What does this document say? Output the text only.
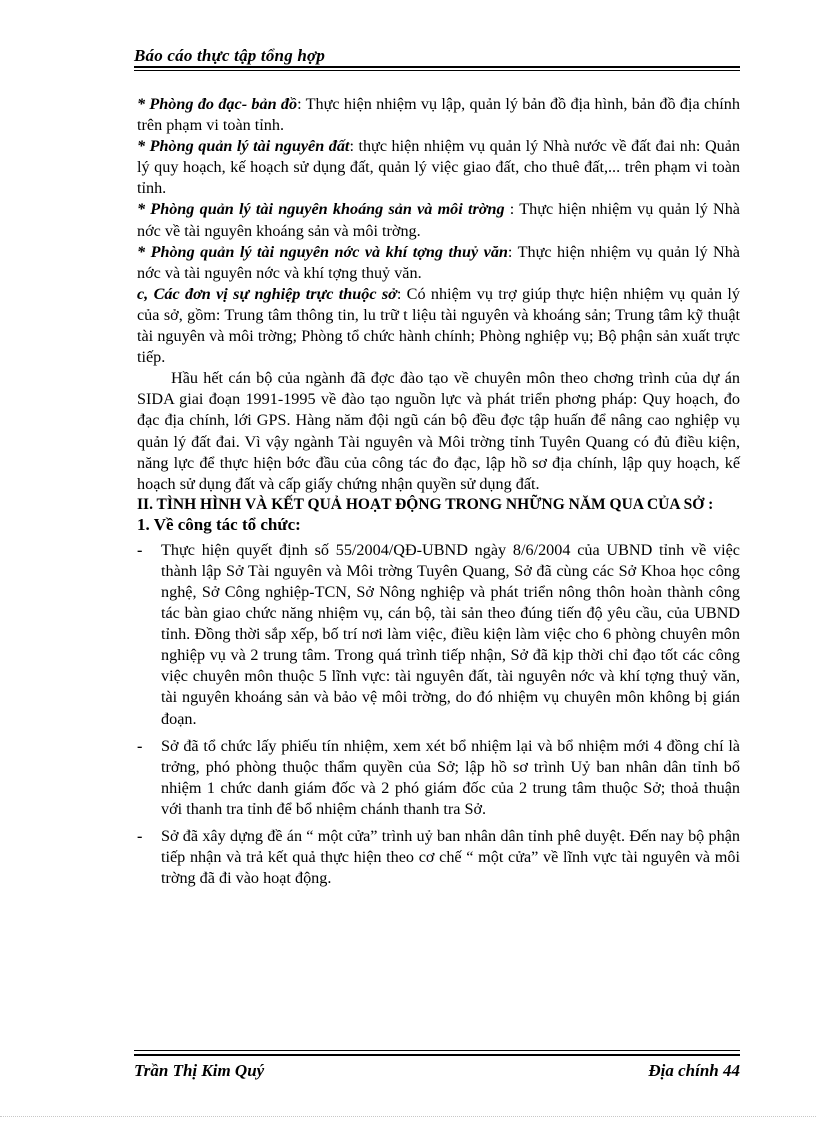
Báo cáo thực tập tổng hợp

* Phòng đo đạc- bản đồ: Thực hiện nhiệm vụ lập, quản lý bản đồ địa hình, bản đồ địa chính trên phạm vi toàn tỉnh.

* Phòng quản lý tài nguyên đất: thực hiện nhiệm vụ quản lý Nhà nước về đất đai nh: Quản lý quy hoạch, kế hoạch sử dụng đất, quản lý việc giao đất, cho thuê đất,... trên phạm vi toàn tỉnh.

* Phòng quản lý tài nguyên khoáng sản và môi trờng : Thực hiện nhiệm vụ quản lý Nhà nớc về tài nguyên khoáng sản và môi trờng.

* Phòng quản lý tài nguyên nớc và khí tợng thuỷ văn: Thực hiện nhiệm vụ quản lý Nhà nớc và tài nguyên nớc và khí tợng thuỷ văn.

c, Các đơn vị sự nghiệp trực thuộc sở: Có nhiệm vụ trợ giúp thực hiện nhiệm vụ quản lý của sở, gồm: Trung tâm thông tin, lu trữ t liệu tài nguyên và khoáng sản; Trung tâm kỹ thuật tài nguyên và môi trờng; Phòng tổ chức hành chính; Phòng nghiệp vụ; Bộ phận sản xuất trực tiếp.

Hầu hết cán bộ của ngành đã đợc đào tạo về chuyên môn theo chơng trình của dự án SIDA giai đoạn 1991-1995 về đào tạo nguồn lực và phát triển phơng pháp: Quy hoạch, đo đạc địa chính, lới GPS. Hàng năm đội ngũ cán bộ đều đợc tập huấn để nâng cao nghiệp vụ quản lý đất đai. Vì vậy ngành Tài nguyên và Môi trờng tỉnh Tuyên Quang có đủ điều kiện, năng lực để thực hiện bớc đầu của công tác đo đạc, lập hồ sơ địa chính, lập quy hoạch, kế hoạch sử dụng đất và cấp giấy chứng nhận quyền sử dụng đất.

II. TÌNH HÌNH VÀ KẾT QUẢ HOẠT ĐỘNG TRONG NHỮNG NĂM QUA CỦA SỞ :
1. Về công tác tổ chức:
- Thực hiện quyết định số 55/2004/QĐ-UBND ngày 8/6/2004 của UBND tỉnh về việc thành lập Sở Tài nguyên và Môi trờng Tuyên Quang, Sở đã cùng các Sở Khoa học công nghệ, Sở Công nghiệp-TCN, Sở Nông nghiệp và phát triển nông thôn hoàn thành công tác bàn giao chức năng nhiệm vụ, cán bộ, tài sản theo đúng tiến độ yêu cầu, của UBND tỉnh. Đồng thời sắp xếp, bố trí nơi làm việc, điều kiện làm việc cho 6 phòng chuyên môn nghiệp vụ và 2 trung tâm. Trong quá trình tiếp nhận, Sở đã kịp thời chỉ đạo tốt các công việc chuyên môn thuộc 5 lĩnh vực: tài nguyên đất, tài nguyên nớc và khí tợng thuỷ văn, tài nguyên khoáng sản và bảo vệ môi trờng, do đó nhiệm vụ chuyên môn không bị gián đoạn.
- Sở đã tổ chức lấy phiếu tín nhiệm, xem xét bổ nhiệm lại và bổ nhiệm mới 4 đồng chí là trởng, phó phòng thuộc thẩm quyền của Sở; lập hồ sơ trình Uỷ ban nhân dân tỉnh bổ nhiệm 1 chức danh giám đốc và 2 phó giám đốc của 2 trung tâm thuộc Sở; thoả thuận với thanh tra tỉnh để bổ nhiệm chánh thanh tra Sở.
- Sở đã xây dựng đề án “ một cửa” trình uỷ ban nhân dân tỉnh phê duyệt. Đến nay bộ phận tiếp nhận và trả kết quả thực hiện theo cơ chế “ một cửa” về lĩnh vực tài nguyên và môi trờng đã đi vào hoạt động.
Trần Thị Kim Quý	Địa chính 44
